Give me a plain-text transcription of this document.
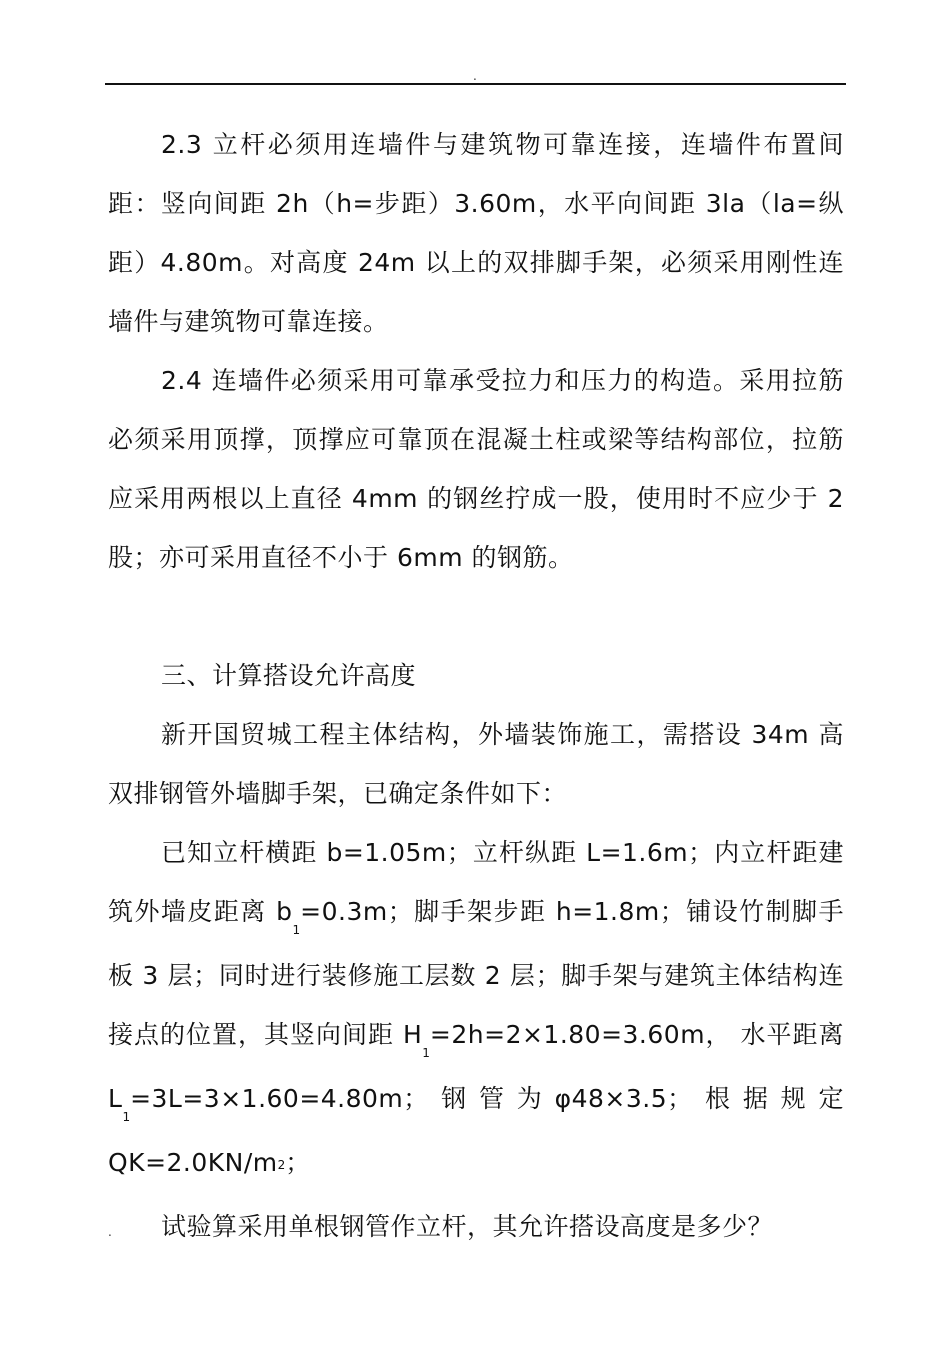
.

2.3 立杆必须用连墙件与建筑物可靠连接，连墙件布置间距：竖向间距 2h（h=步距）3.60m，水平向间距 3la（la=纵距）4.80m。对高度 24m 以上的双排脚手架，必须采用刚性连墙件与建筑物可靠连接。

2.4 连墙件必须采用可靠承受拉力和压力的构造。采用拉筋必须采用顶撑，顶撑应可靠顶在混凝土柱或梁等结构部位，拉筋应采用两根以上直径 4mm 的钢丝拧成一股，使用时不应少于 2 股；亦可采用直径不小于 6mm 的钢筋。

三、计算搭设允许高度

新开国贸城工程主体结构，外墙装饰施工，需搭设 34m 高双排钢管外墙脚手架，已确定条件如下：

已知立杆横距 b=1.05m；立杆纵距 L=1.6m；内立杆距建筑外墙皮距离 $b_1=0.3m$；脚手架步距 h=1.8m；铺设竹制脚手板 3 层；同时进行装修施工层数 2 层；脚手架与建筑主体结构连接点的位置，其竖向间距 $H_1=2h=2\times 1.80=3.60m$， 水平距离 $L_1=3L=3\times 1.60=4.80m$；钢管为φ48×3.5；根据规定 QK=2.0KN/m2；

试验算采用单根钢管作立杆，其允许搭设高度是多少？

.
